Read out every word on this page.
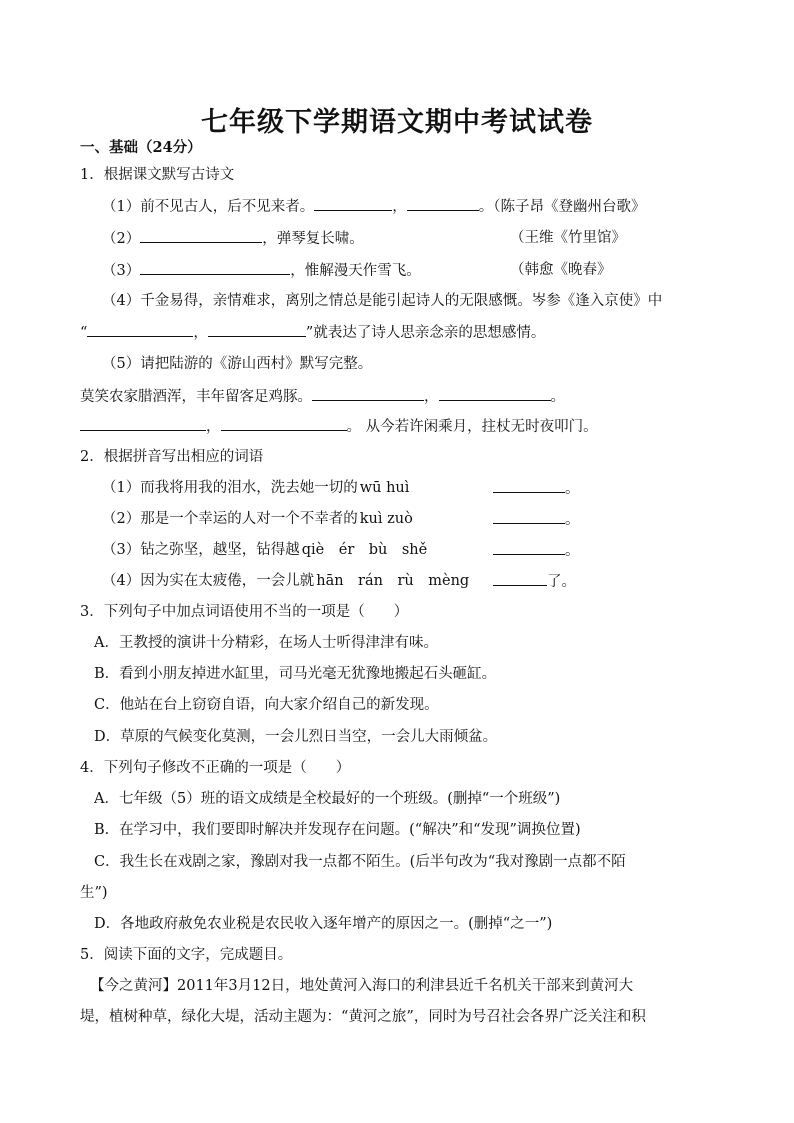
七年级下学期语文期中考试试卷
一、基础（24分）
1．根据课文默写古诗文
（1）前不见古人，后不见来者。	，	。（陈子昂《登幽州台歌》
（2）	，弹琴复长啸。	（王维《竹里馆》
（3）	，惟解漫天作雪飞。	（韩愈《晚春》
（4）千金易得，亲情难求，离别之情总是能引起诗人的无限感慨。岑参《逢入京使》中
“	，	”就表达了诗人思亲念亲的思想感情。
（5）请把陆游的《游山西村》默写完整。
莫笑农家腊酒浑，丰年留客足鸡豚。	，	。
，	。 从今若许闲乘月，拄杖无时夜叩门。
2．根据拼音写出相应的词语
（1）而我将用我的泪水，洗去她一切的 wū huì	。
（2）那是一个幸运的人对一个不幸者的 kuì zuò	。
（3）钻之弥坚，越坚，钻得越 qiè　ér　bù　shě	。
（4）因为实在太疲倦，一会儿就 hān　rán　rù　mèng	了。
3．下列句子中加点词语使用不当的一项是（　　）
A．王教授的演讲十分精彩，在场人士听得津津有味。
B．看到小朋友掉进水缸里，司马光毫无犹豫地搬起石头砸缸。
C．他站在台上窃窃自语，向大家介绍自己的新发现。
D．草原的气候变化莫测，一会儿烈日当空，一会儿大雨倾盆。
4．下列句子修改不正确的一项是（　　）
A．七年级（5）班的语文成绩是全校最好的一个班级。(删掉“一个班级”)
B．在学习中，我们要即时解决并发现存在问题。(“解决”和“发现”调换位置)
C．我生长在戏剧之家，豫剧对我一点都不陌生。(后半句改为“我对豫剧一点都不陌
生”)
D．各地政府赦免农业税是农民收入逐年增产的原因之一。(删掉“之一”)
5．阅读下面的文字，完成题目。
【今之黄河】2011年3月12日，地处黄河入海口的利津县近千名机关干部来到黄河大
堤，植树种草，绿化大堤，活动主题为：“黄河之旅”，同时为号召社会各界广泛关注和积
